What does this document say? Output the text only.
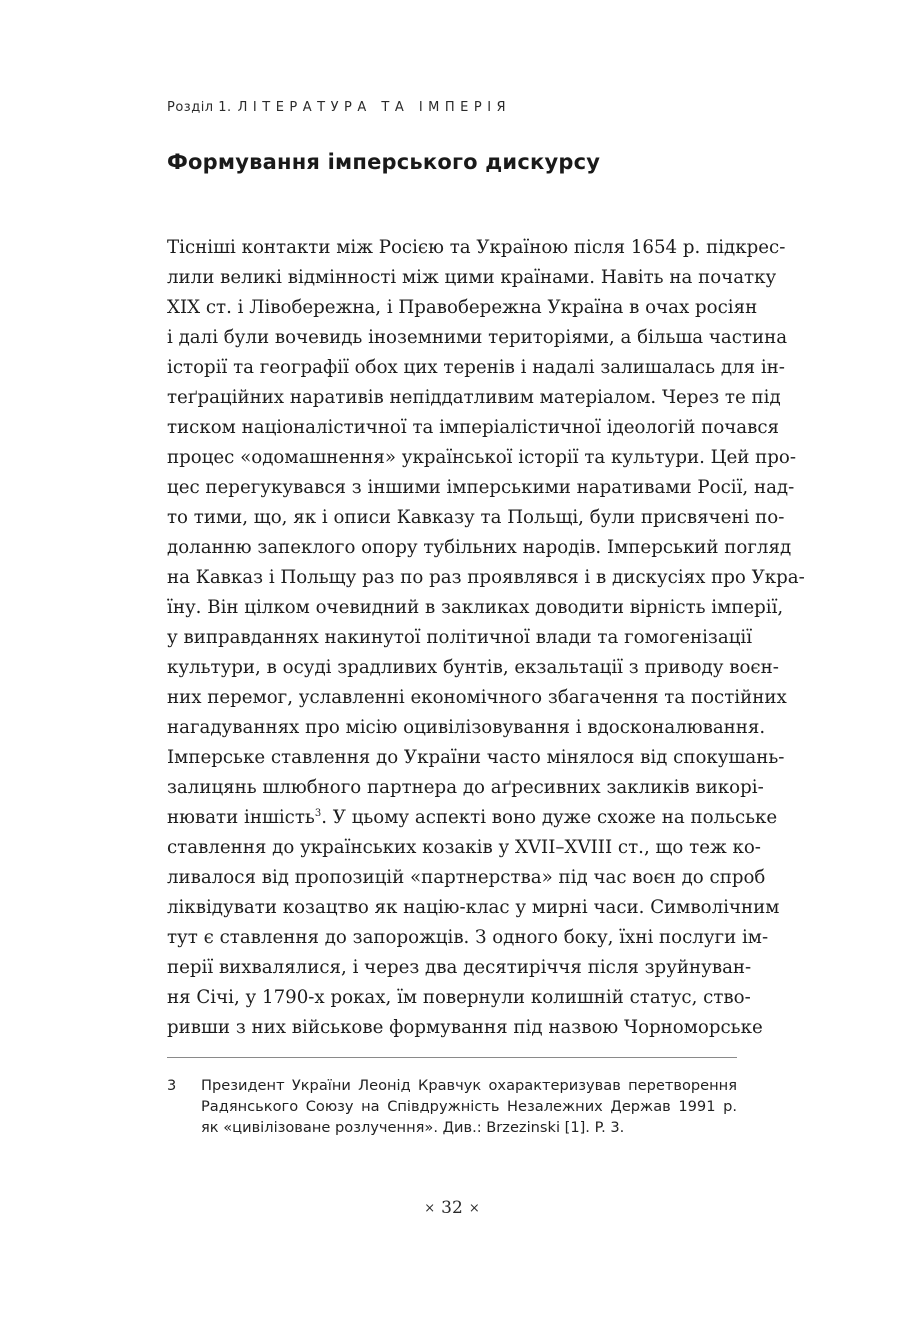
Розділ 1. ЛІТЕРАТУРА ТА ІМПЕРІЯ
Формування імперського дискурсу
Тісніші контакти між Росією та Україною після 1654 р. підкрес-
лили великі відмінності між цими країнами. Навіть на початку
XIX ст. і Лівобережна, і Правобережна Україна в очах росіян
і далі були вочевидь іноземними територіями, а більша частина
історії та географії обох цих теренів і надалі залишалась для ін-
теґраційних наративів непіддатливим матеріалом. Через те під
тиском націоналістичної та імперіалістичної ідеологій почався
процес «одомашнення» української історії та культури. Цей про-
цес перегукувався з іншими імперськими наративами Росії, над-
то тими, що, як і описи Кавказу та Польщі, були присвячені по-
доланню запеклого опору тубільних народів. Імперський погляд
на Кавказ і Польщу раз по раз проявлявся і в дискусіях про Укра-
їну. Він цілком очевидний в закликах доводити вірність імперії,
у виправданнях накинутої політичної влади та гомогенізації
культури, в осуді зрадливих бунтів, екзальтації з приводу воєн-
них перемог, уславленні економічного збагачення та постійних
нагадуваннях про місію оцивілізовування і вдосконалювання.
Імперське ставлення до України часто мінялося від спокушань-
залицянь шлюбного партнера до аґресивних закликів викорі-
нювати іншість$^3$. У цьому аспекті воно дуже схоже на польське
ставлення до українських козаків у XVII–XVIII ст., що теж ко-
ливалося від пропозицій «партнерства» під час воєн до спроб
ліквідувати козацтво як націю-клас у мирні часи. Символічним
тут є ставлення до запорожців. З одного боку, їхні послуги ім-
перії вихвалялися, і через два десятиріччя після зруйнуван-
ня Січі, у 1790-х роках, їм повернули колишній статус, ство-
ривши з них військове формування під назвою Чорноморське
3 Президент України Леонід Кравчук охарактеризував перетворення
Радянського Союзу на Співдружність Незалежних Держав 1991 р.
як «цивілізоване розлучення». Див.: Brzezinski [1]. P. 3.
× 32 ×
